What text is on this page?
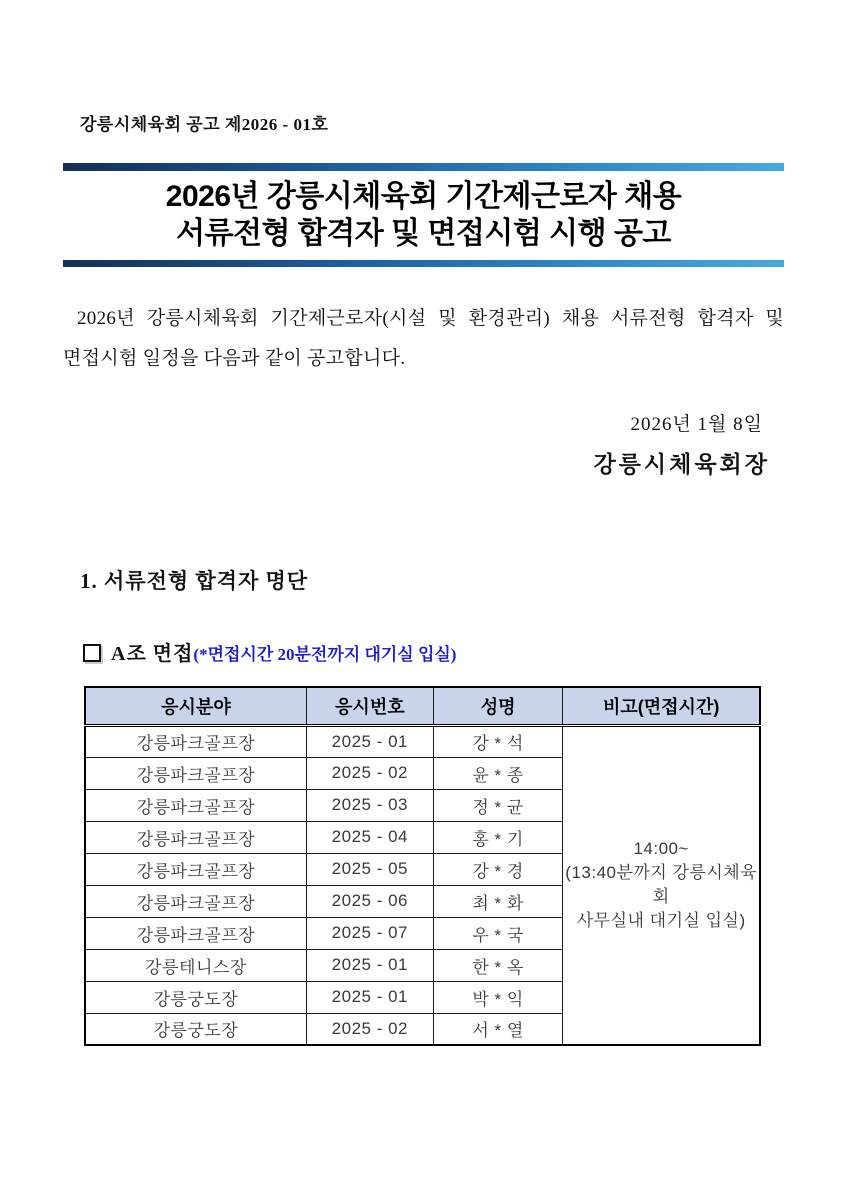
강릉시체육회 공고 제2026 - 01호
2026년 강릉시체육회 기간제근로자 채용
서류전형 합격자 및 면접시험 시행 공고
2026년 강릉시체육회 기간제근로자(시설 및 환경관리) 채용 서류전형 합격자 및 면접시험 일정을 다음과 같이 공고합니다.
2026년 1월 8일
강릉시체육회장
1. 서류전형 합격자 명단
A조 면접(*면접시간 20분전까지 대기실 입실)
응시분야	응시번호	성명	비고(면접시간)
강릉파크골프장	2025 - 01	강 * 석	14:00~
(13:40분까지 강릉시체육회
사무실내 대기실 입실)

강릉파크골프장	2025 - 02	윤 * 종	
강릉파크골프장	2025 - 03	정 * 균	
강릉파크골프장	2025 - 04	홍 * 기	
강릉파크골프장	2025 - 05	강 * 경	
강릉파크골프장	2025 - 06	최 * 화	
강릉파크골프장	2025 - 07	우 * 국	
강릉테니스장	2025 - 01	한 * 옥	
강릉궁도장	2025 - 01	박 * 익	
강릉궁도장	2025 - 02	서 * 열	
